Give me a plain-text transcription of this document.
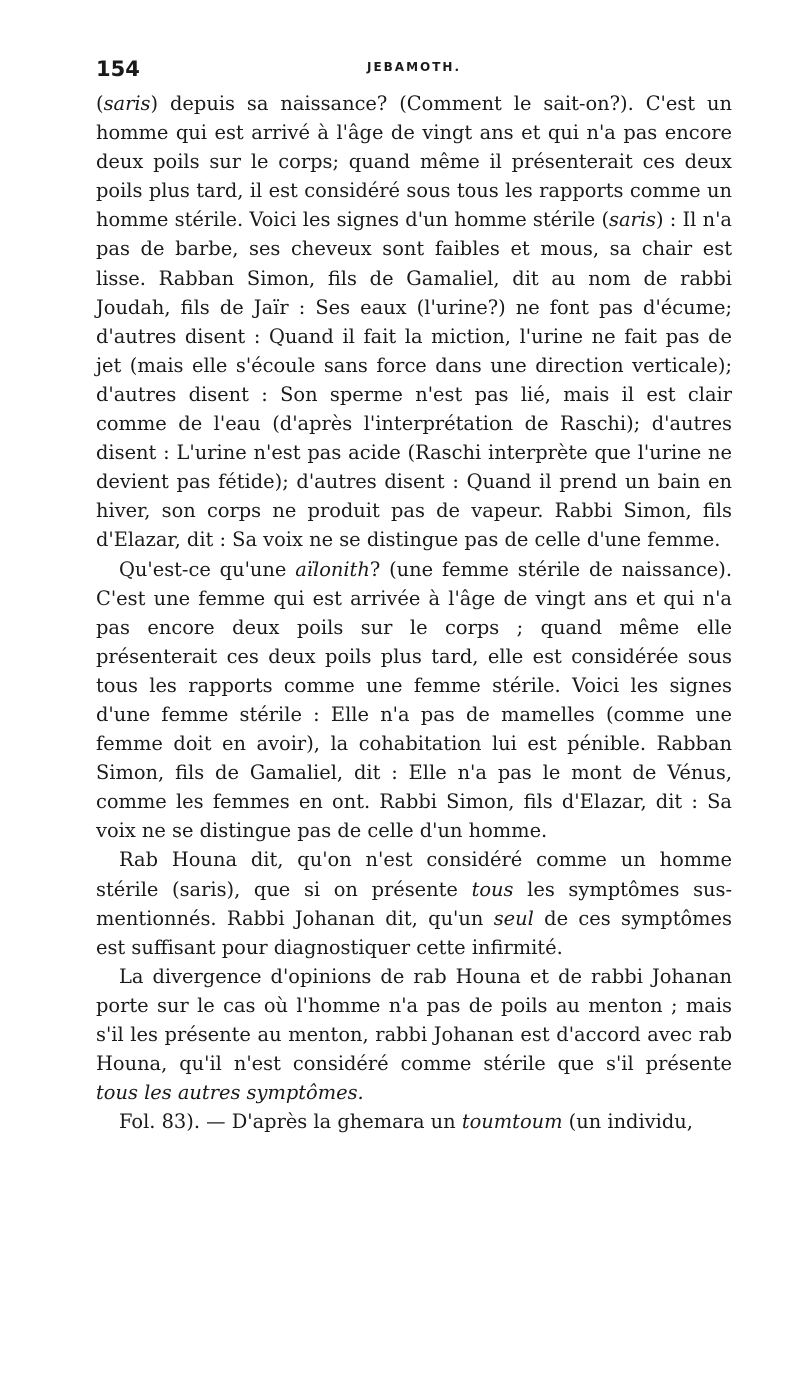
154	JEBAMOTH.

(saris) depuis sa naissance? (Comment le sait-on?). C'est un homme qui est arrivé à l'âge de vingt ans et qui n'a pas encore deux poils sur le corps; quand même il présenterait ces deux poils plus tard, il est considéré sous tous les rapports comme un homme stérile. Voici les signes d'un homme stérile (saris) : Il n'a pas de barbe, ses cheveux sont faibles et mous, sa chair est lisse. Rabban Simon, fils de Gamaliel, dit au nom de rabbi Joudah, fils de Jaïr : Ses eaux (l'urine?) ne font pas d'écume; d'autres disent : Quand il fait la miction, l'urine ne fait pas de jet (mais elle s'écoule sans force dans une direction verticale); d'autres disent : Son sperme n'est pas lié, mais il est clair comme de l'eau (d'après l'interprétation de Raschi); d'autres disent : L'urine n'est pas acide (Raschi interprète que l'urine ne devient pas fétide); d'autres disent : Quand il prend un bain en hiver, son corps ne produit pas de vapeur. Rabbi Simon, fils d'Elazar, dit : Sa voix ne se distingue pas de celle d'une femme.

Qu'est-ce qu'une aïlonith? (une femme stérile de naissance). C'est une femme qui est arrivée à l'âge de vingt ans et qui n'a pas encore deux poils sur le corps ; quand même elle présenterait ces deux poils plus tard, elle est considérée sous tous les rapports comme une femme stérile. Voici les signes d'une femme stérile : Elle n'a pas de mamelles (comme une femme doit en avoir), la cohabitation lui est pénible. Rabban Simon, fils de Gamaliel, dit : Elle n'a pas le mont de Vénus, comme les femmes en ont. Rabbi Simon, fils d'Elazar, dit : Sa voix ne se distingue pas de celle d'un homme.

Rab Houna dit, qu'on n'est considéré comme un homme stérile (saris), que si on présente tous les symptômes sus-mentionnés. Rabbi Johanan dit, qu'un seul de ces symptômes est suffisant pour diagnostiquer cette infirmité.

La divergence d'opinions de rab Houna et de rabbi Johanan porte sur le cas où l'homme n'a pas de poils au menton ; mais s'il les présente au menton, rabbi Johanan est d'accord avec rab Houna, qu'il n'est considéré comme stérile que s'il présente tous les autres symptômes.

Fol. 83). — D'après la ghemara un toumtoum (un individu,
